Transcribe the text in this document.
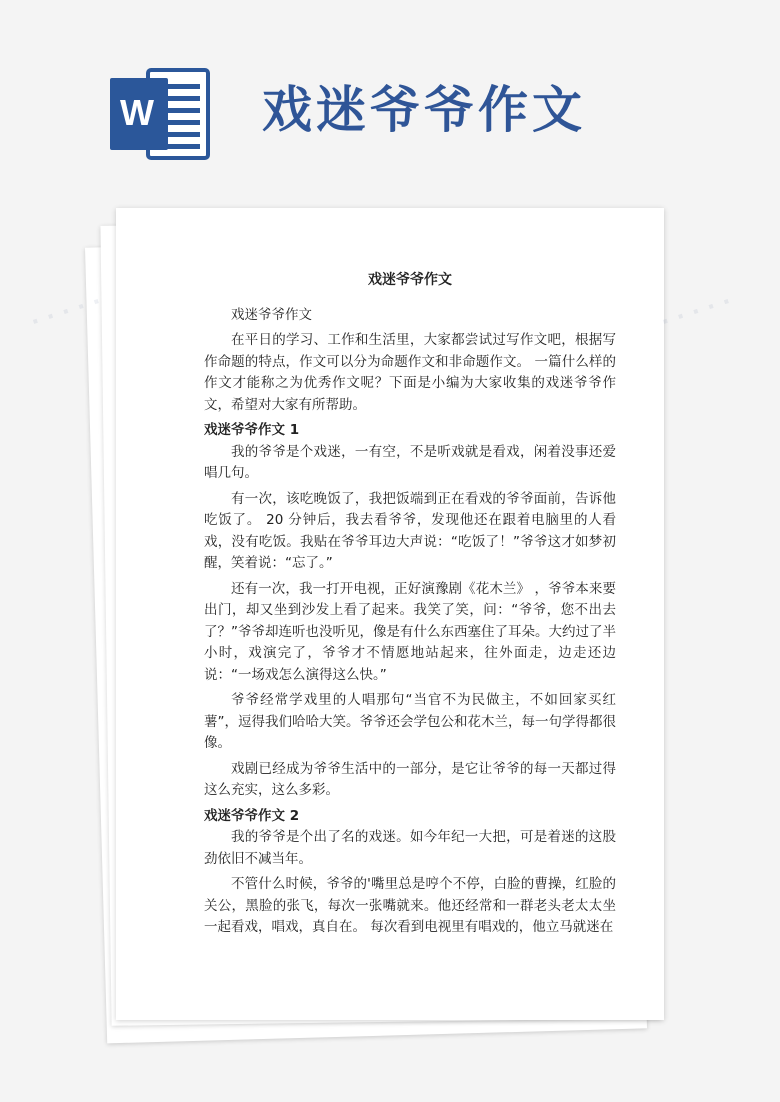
W 戏迷爷爷作文
戏迷爷爷作文

戏迷爷爷作文

在平日的学习、工作和生活里，大家都尝试过写作文吧，根据写作命题的特点，作文可以分为命题作文和非命题作文。 一篇什么样的作文才能称之为优秀作文呢？下面是小编为大家收集的戏迷爷爷作文，希望对大家有所帮助。

戏迷爷爷作文 1

我的爷爷是个戏迷，一有空，不是听戏就是看戏，闲着没事还爱唱几句。

有一次，该吃晚饭了，我把饭端到正在看戏的爷爷面前，告诉他吃饭了。 20 分钟后，我去看爷爷，发现他还在跟着电脑里的人看戏，没有吃饭。我贴在爷爷耳边大声说：“吃饭了！”爷爷这才如梦初醒，笑着说：“忘了。”

还有一次，我一打开电视，正好演豫剧《花木兰》 ，爷爷本来要出门，却又坐到沙发上看了起来。我笑了笑，问：“爷爷，您不出去了？”爷爷却连听也没听见，像是有什么东西塞住了耳朵。大约过了半小时，戏演完了，爷爷才不情愿地站起来，往外面走，边走还边说：“一场戏怎么演得这么快。”

爷爷经常学戏里的人唱那句“当官不为民做主，不如回家买红薯”，逗得我们哈哈大笑。爷爷还会学包公和花木兰，每一句学得都很像。

戏剧已经成为爷爷生活中的一部分，是它让爷爷的每一天都过得这么充实，这么多彩。

戏迷爷爷作文 2

我的爷爷是个出了名的戏迷。如今年纪一大把，可是着迷的这股劲依旧不减当年。

不管什么时候，爷爷的'嘴里总是哼个不停，白脸的曹操，红脸的关公，黑脸的张飞，每次一张嘴就来。他还经常和一群老头老太太坐一起看戏，唱戏，真自在。 每次看到电视里有唱戏的，他立马就迷在

· · · · ·	· · · · ·
